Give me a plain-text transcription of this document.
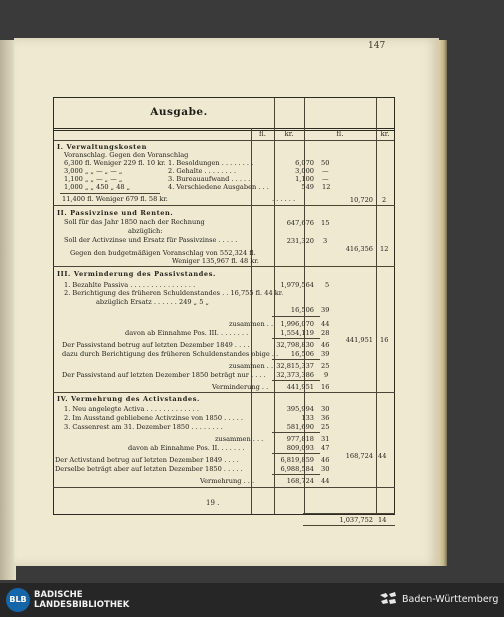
147
Ausgabe.
fl.	kr.	fl.	kr.
I. Verwaltungskosten
Voranschlag. Gegen den Voranschlag
6,300 fl. Weniger 229 fl. 10 kr. 1. Besoldungen . . . . . . . .	6,070 50
3,000 „ „ — „ — „	2. Gehalte . . . . . . . .	3,000 —
1,100 „ „ — „ — „	3. Bureauaufwand . . . . .	1,100 —
1,000 „ „ 450 „ 48 „	4. Verschiedene Ausgaben . . .	549 12
11,400 fl. Weniger 679 fl. 58 kr.	. . . . . .	10,720 2
II. Passivzinse und Renten.
Soll für das Jahr 1850 nach der Rechnung	647,676 15
abzüglich:
Soll der Activzinse und Ersatz für Passivzinse . . . . .	231,320 3
Gegen den budgetmäßigen Voranschlag von 552,324 fl.
Weniger 135,967 fl. 48 kr.
416,356 12
III. Verminderung des Passivstandes.
1. Bezahlte Passiva . . . . . . . . . . . . . . . .	1,979,564 5
2. Berichtigung des früheren Schuldenstandes . . 16,755 fl. 44 kr.
abzüglich Ersatz . . . . . . 249 „ 5 „
16,506 39
zusammen . .	1,996,070 44
davon ab Einnahme Pos. III. . . . . . . .	1,554,119 28
Der Passivstand betrug auf letzten Dezember 1849 . . . .	32,798,830 46
dazu durch Berichtigung des früheren Schuldenstandes obige . .	16,506 39
zusammen . . 32,815,337 25
Der Passivstand auf letzten Dezember 1850 beträgt nur . . . .	32,373,386 9
Verminderung . .	441,951 16
441,951 16
IV. Vermehrung des Activstandes.
1. Neu angelegte Activa . . . . . . . . . . . . .	395,994 30
2. Im Ausstand gebliebene Activzinse von 1850 . . . . .	133 36
3. Cassenrest am 31. Dezember 1850 . . . . . . . .	581,690 25
zusammen . . .	977,818 31
davon ab Einnahme Pos. II. . . . . . .	809,093 47
Der Activstand betrug auf letzten Dezember 1849 . . . .	6,819,859 46
Derselbe beträgt aber auf letzten Dezember 1850 . . . . .	6,988,584 30
Vermehrung . . .	168,724 44
168,724 44
19 .
1,037,752 14
BLB BADISCHE
LANDESBIBLIOTHEK	Baden-Württemberg
